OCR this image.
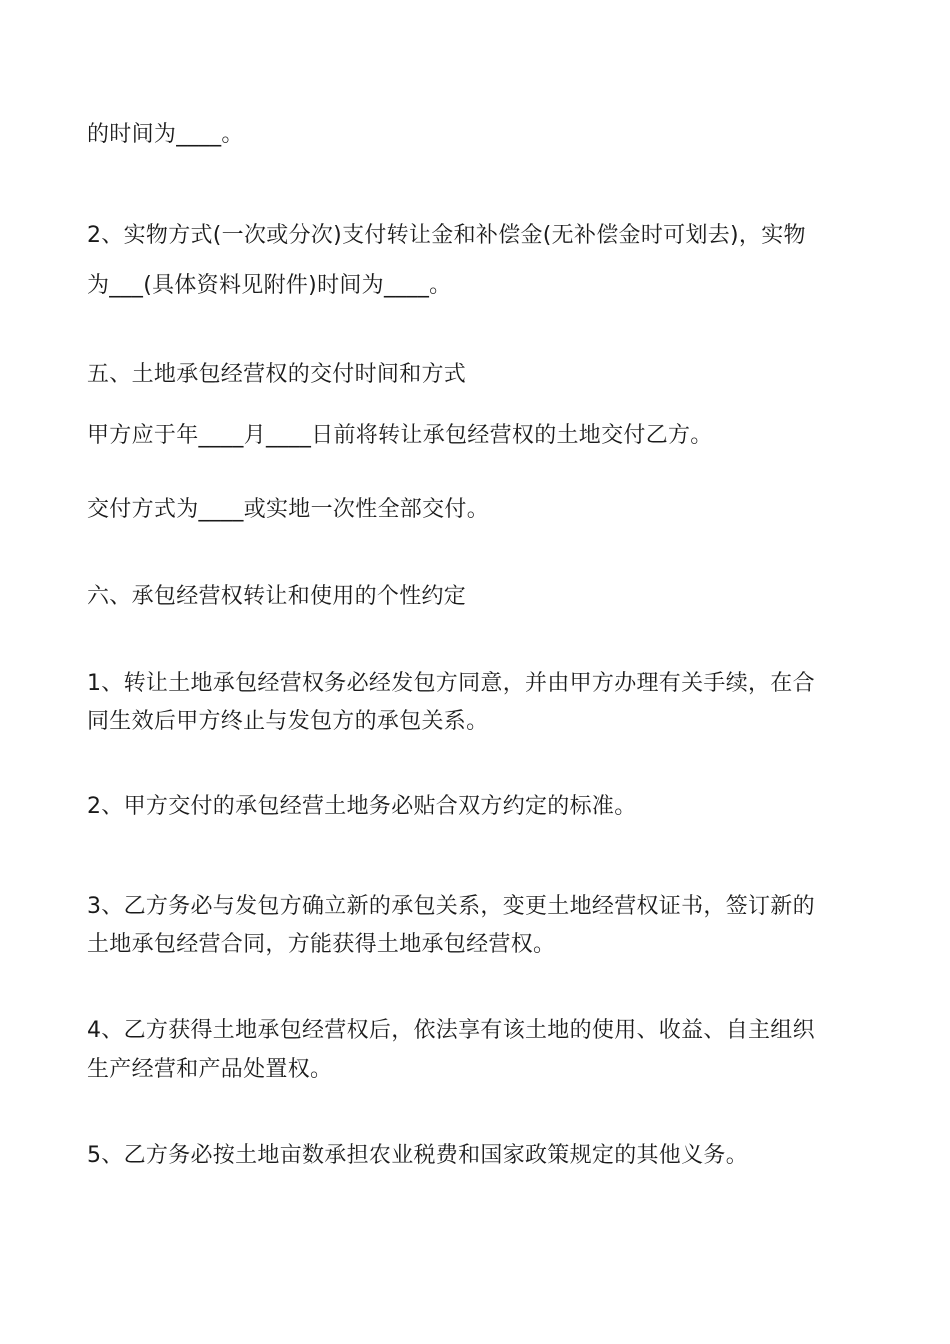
的时间为____。
2、实物方式(一次或分次)支付转让金和补偿金(无补偿金时可划去)，实物
为___(具体资料见附件)时间为____。
五、土地承包经营权的交付时间和方式
甲方应于年____月____日前将转让承包经营权的土地交付乙方。
交付方式为____或实地一次性全部交付。
六、承包经营权转让和使用的个性约定
1、转让土地承包经营权务必经发包方同意，并由甲方办理有关手续，在合
同生效后甲方终止与发包方的承包关系。
2、甲方交付的承包经营土地务必贴合双方约定的标准。
3、乙方务必与发包方确立新的承包关系，变更土地经营权证书，签订新的
土地承包经营合同，方能获得土地承包经营权。
4、乙方获得土地承包经营权后，依法享有该土地的使用、收益、自主组织
生产经营和产品处置权。
5、乙方务必按土地亩数承担农业税费和国家政策规定的其他义务。
